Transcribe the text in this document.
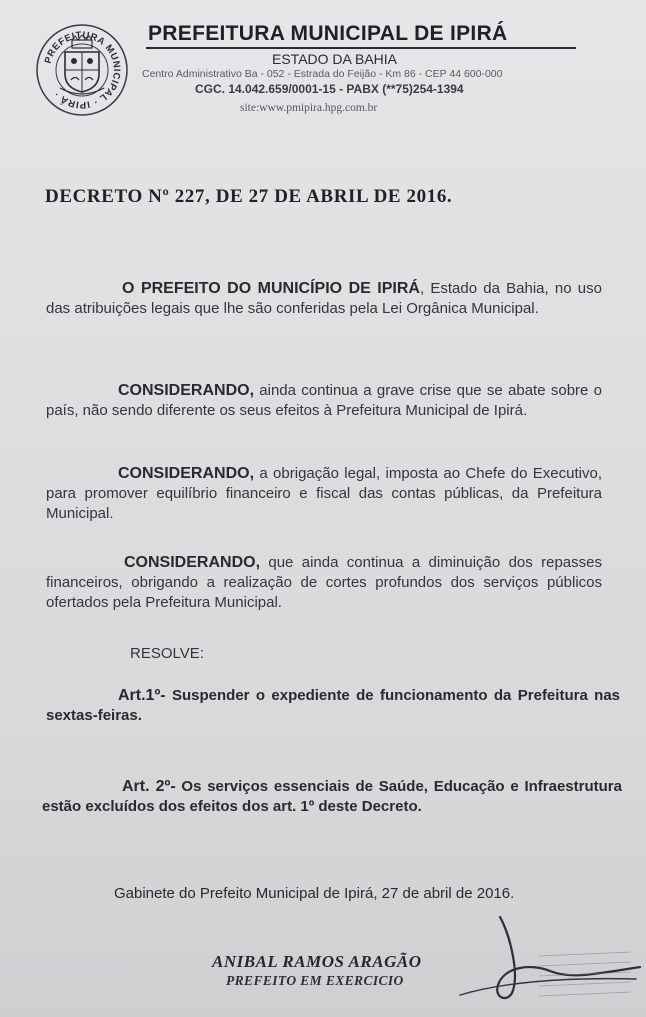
PREFEITURA MUNICIPAL · IPIRÁ ·
PREFEITURA MUNICIPAL DE IPIRÁ
ESTADO DA BAHIA
Centro Administrativo Ba - 052 - Estrada do Feijão - Km 86 - CEP 44 600-000
CGC. 14.042.659/0001-15 - PABX (**75)254-1394
site:www.pmipira.hpg.com.br
DECRETO Nº 227, DE 27 DE ABRIL DE 2016.
O PREFEITO DO MUNICÍPIO DE IPIRÁ, Estado da Bahia, no uso das atribuições legais que lhe são conferidas pela Lei Orgânica Municipal.
CONSIDERANDO, ainda continua a grave crise que se abate sobre o país, não sendo diferente os seus efeitos à Prefeitura Municipal de Ipirá.
CONSIDERANDO, a obrigação legal, imposta ao Chefe do Executivo, para promover equilíbrio financeiro e fiscal das contas públicas, da Prefeitura Municipal.
CONSIDERANDO, que ainda continua a diminuição dos repasses financeiros, obrigando a realização de cortes profundos dos serviços públicos ofertados pela Prefeitura Municipal.
RESOLVE:
Art.1º- Suspender o expediente de funcionamento da Prefeitura nas sextas-feiras.
Art. 2º- Os serviços essenciais de Saúde, Educação e Infraestrutura estão excluídos dos efeitos dos art. 1º deste Decreto.
Gabinete do Prefeito Municipal de Ipirá, 27 de abril de 2016.
ANIBAL RAMOS ARAGÃO
PREFEITO EM EXERCICIO
